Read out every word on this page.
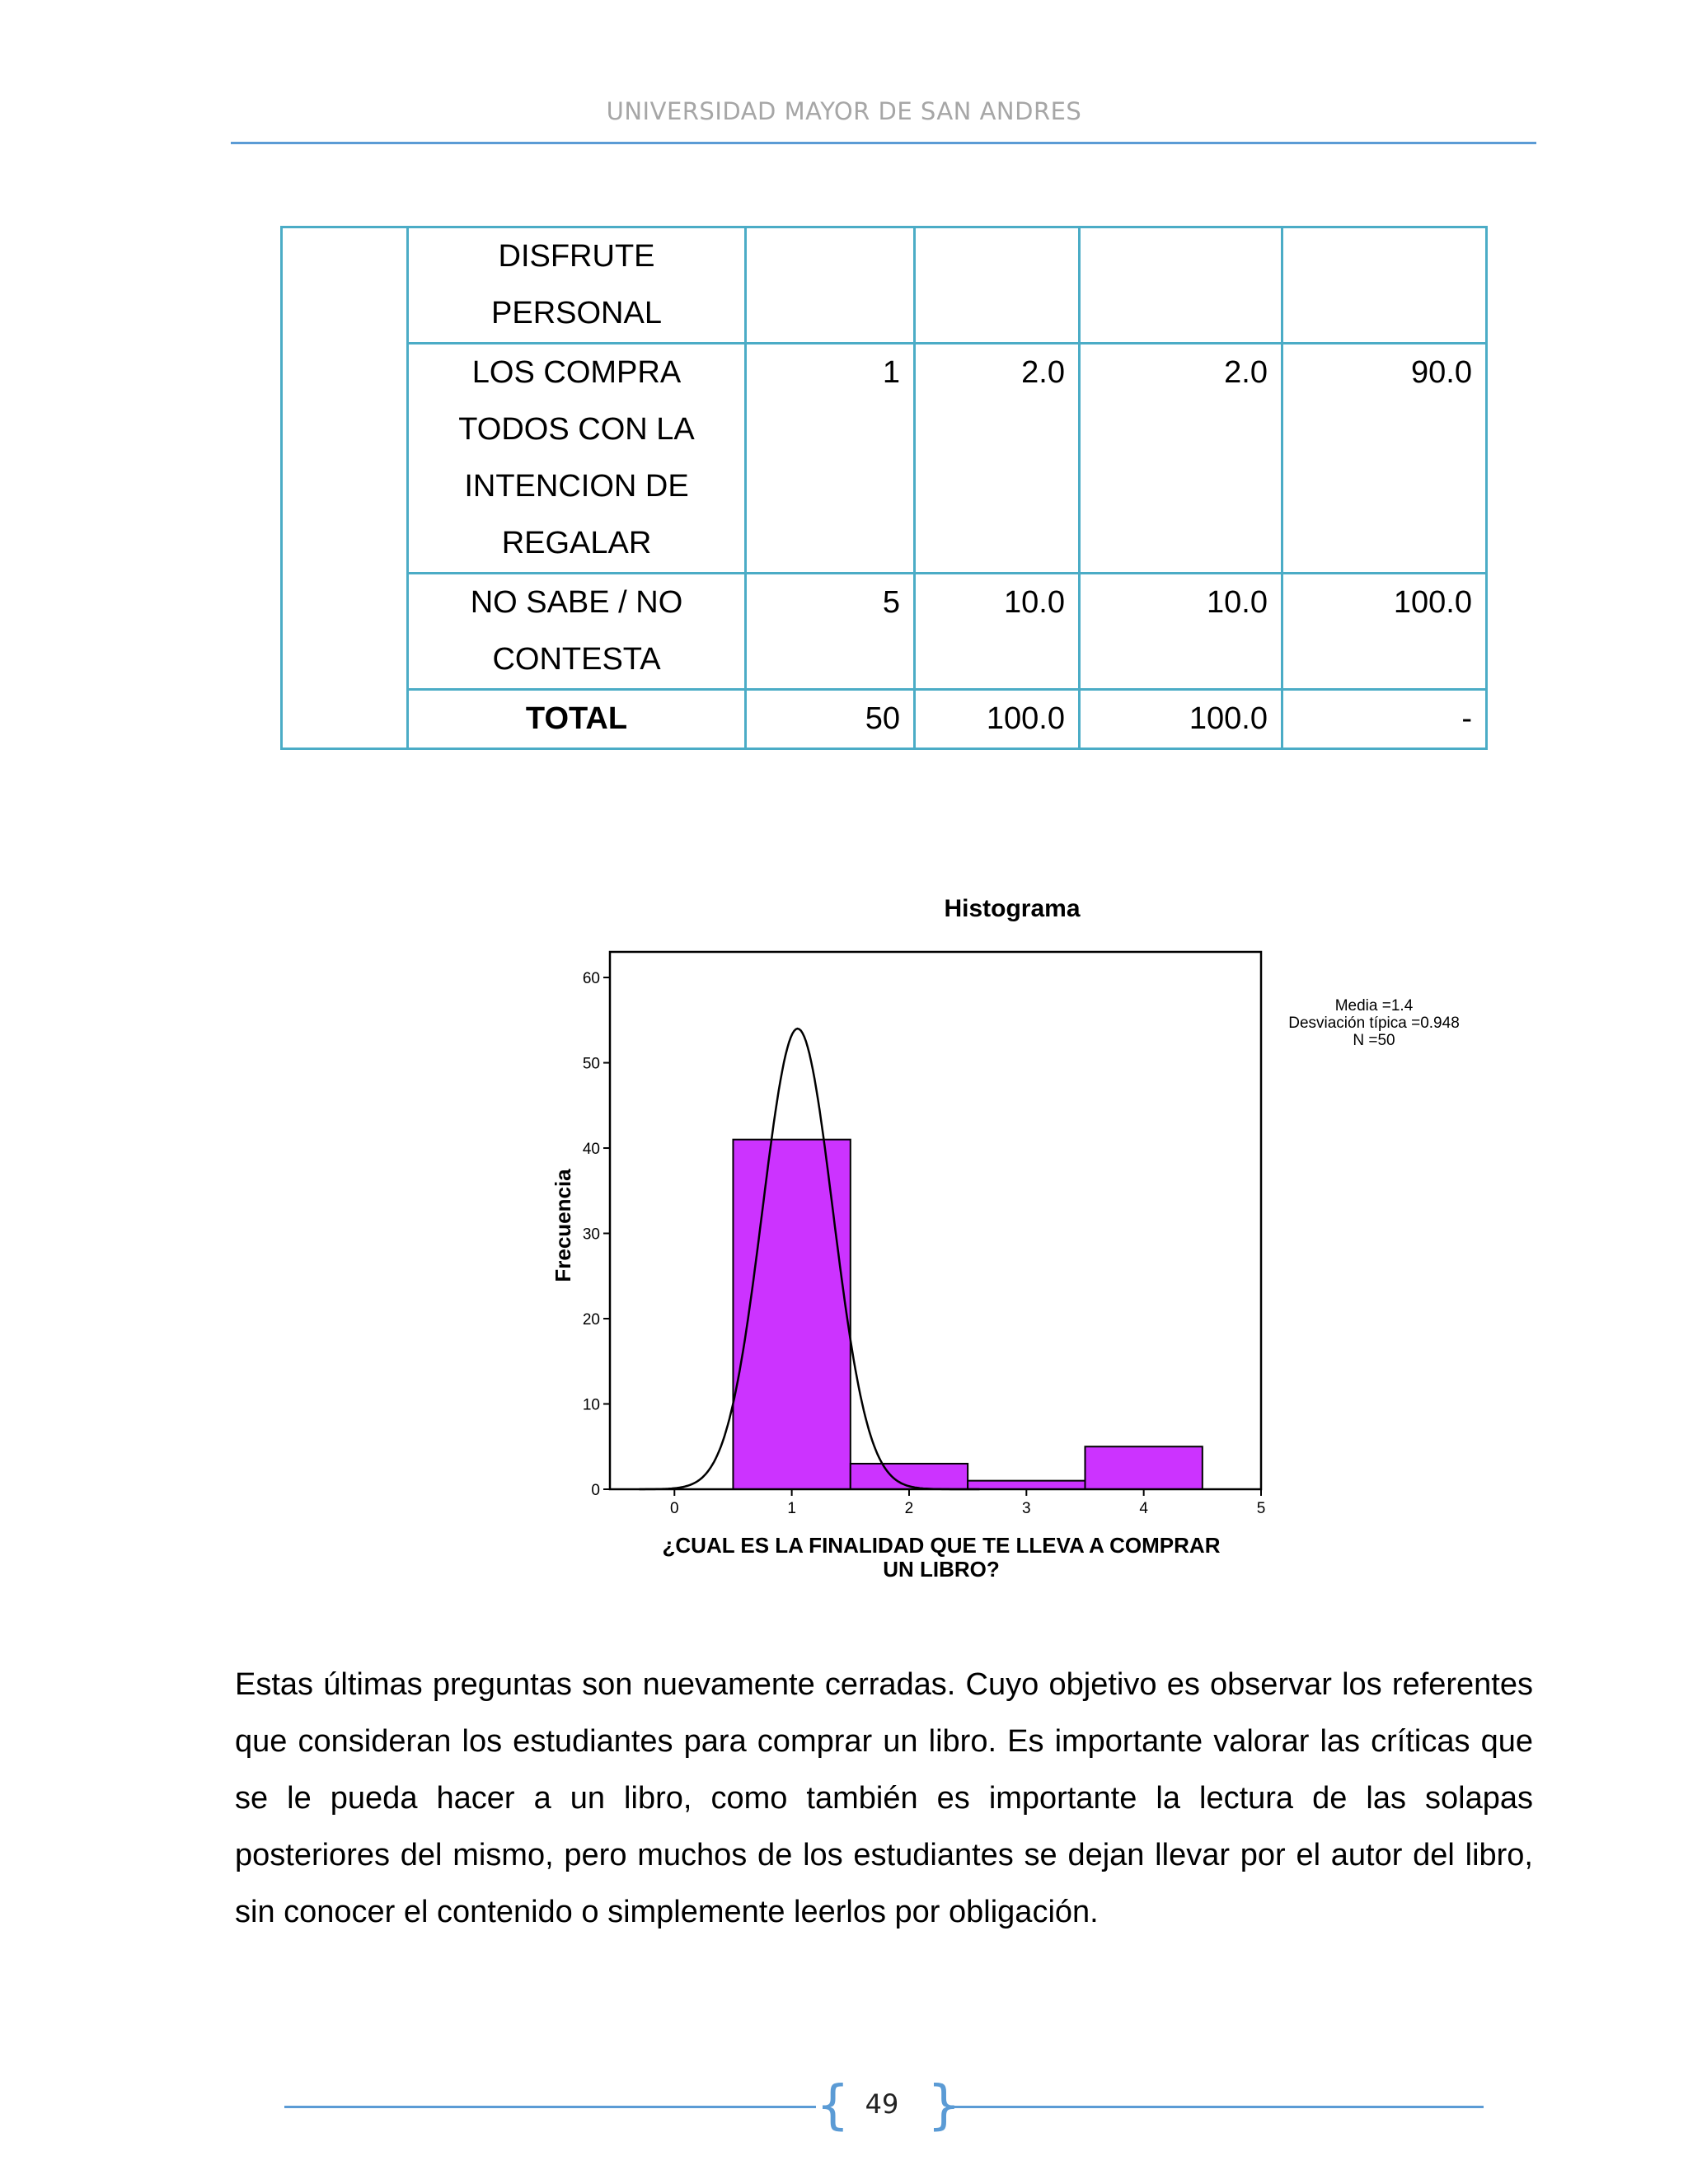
UNIVERSIDAD MAYOR DE SAN ANDRES
	DISFRUTE
PERSONAL				
	LOS COMPRA
TODOS CON LA
INTENCION DE
REGALAR	1	2.0	2.0	90.0
	NO SABE / NO
CONTESTA	5	10.0	10.0	100.0
	TOTAL	50	100.0	100.0	-
Histograma
Frecuencia
¿CUAL ES LA FINALIDAD QUE TE LLEVA A COMPRAR
UN LIBRO?
Media =1.4
Desviación típica =0.948
N =50
0
10
20
30
40
50
60
0	1	2	3	4	5

Estas últimas preguntas son nuevamente cerradas. Cuyo objetivo es observar los referentes que consideran los estudiantes para comprar un libro. Es importante valorar las críticas que se le pueda hacer a un libro, como también es importante la lectura de las solapas posteriores del mismo, pero muchos de los estudiantes se dejan llevar por el autor del libro, sin conocer el contenido o simplemente leerlos por obligación.

{ }
49
